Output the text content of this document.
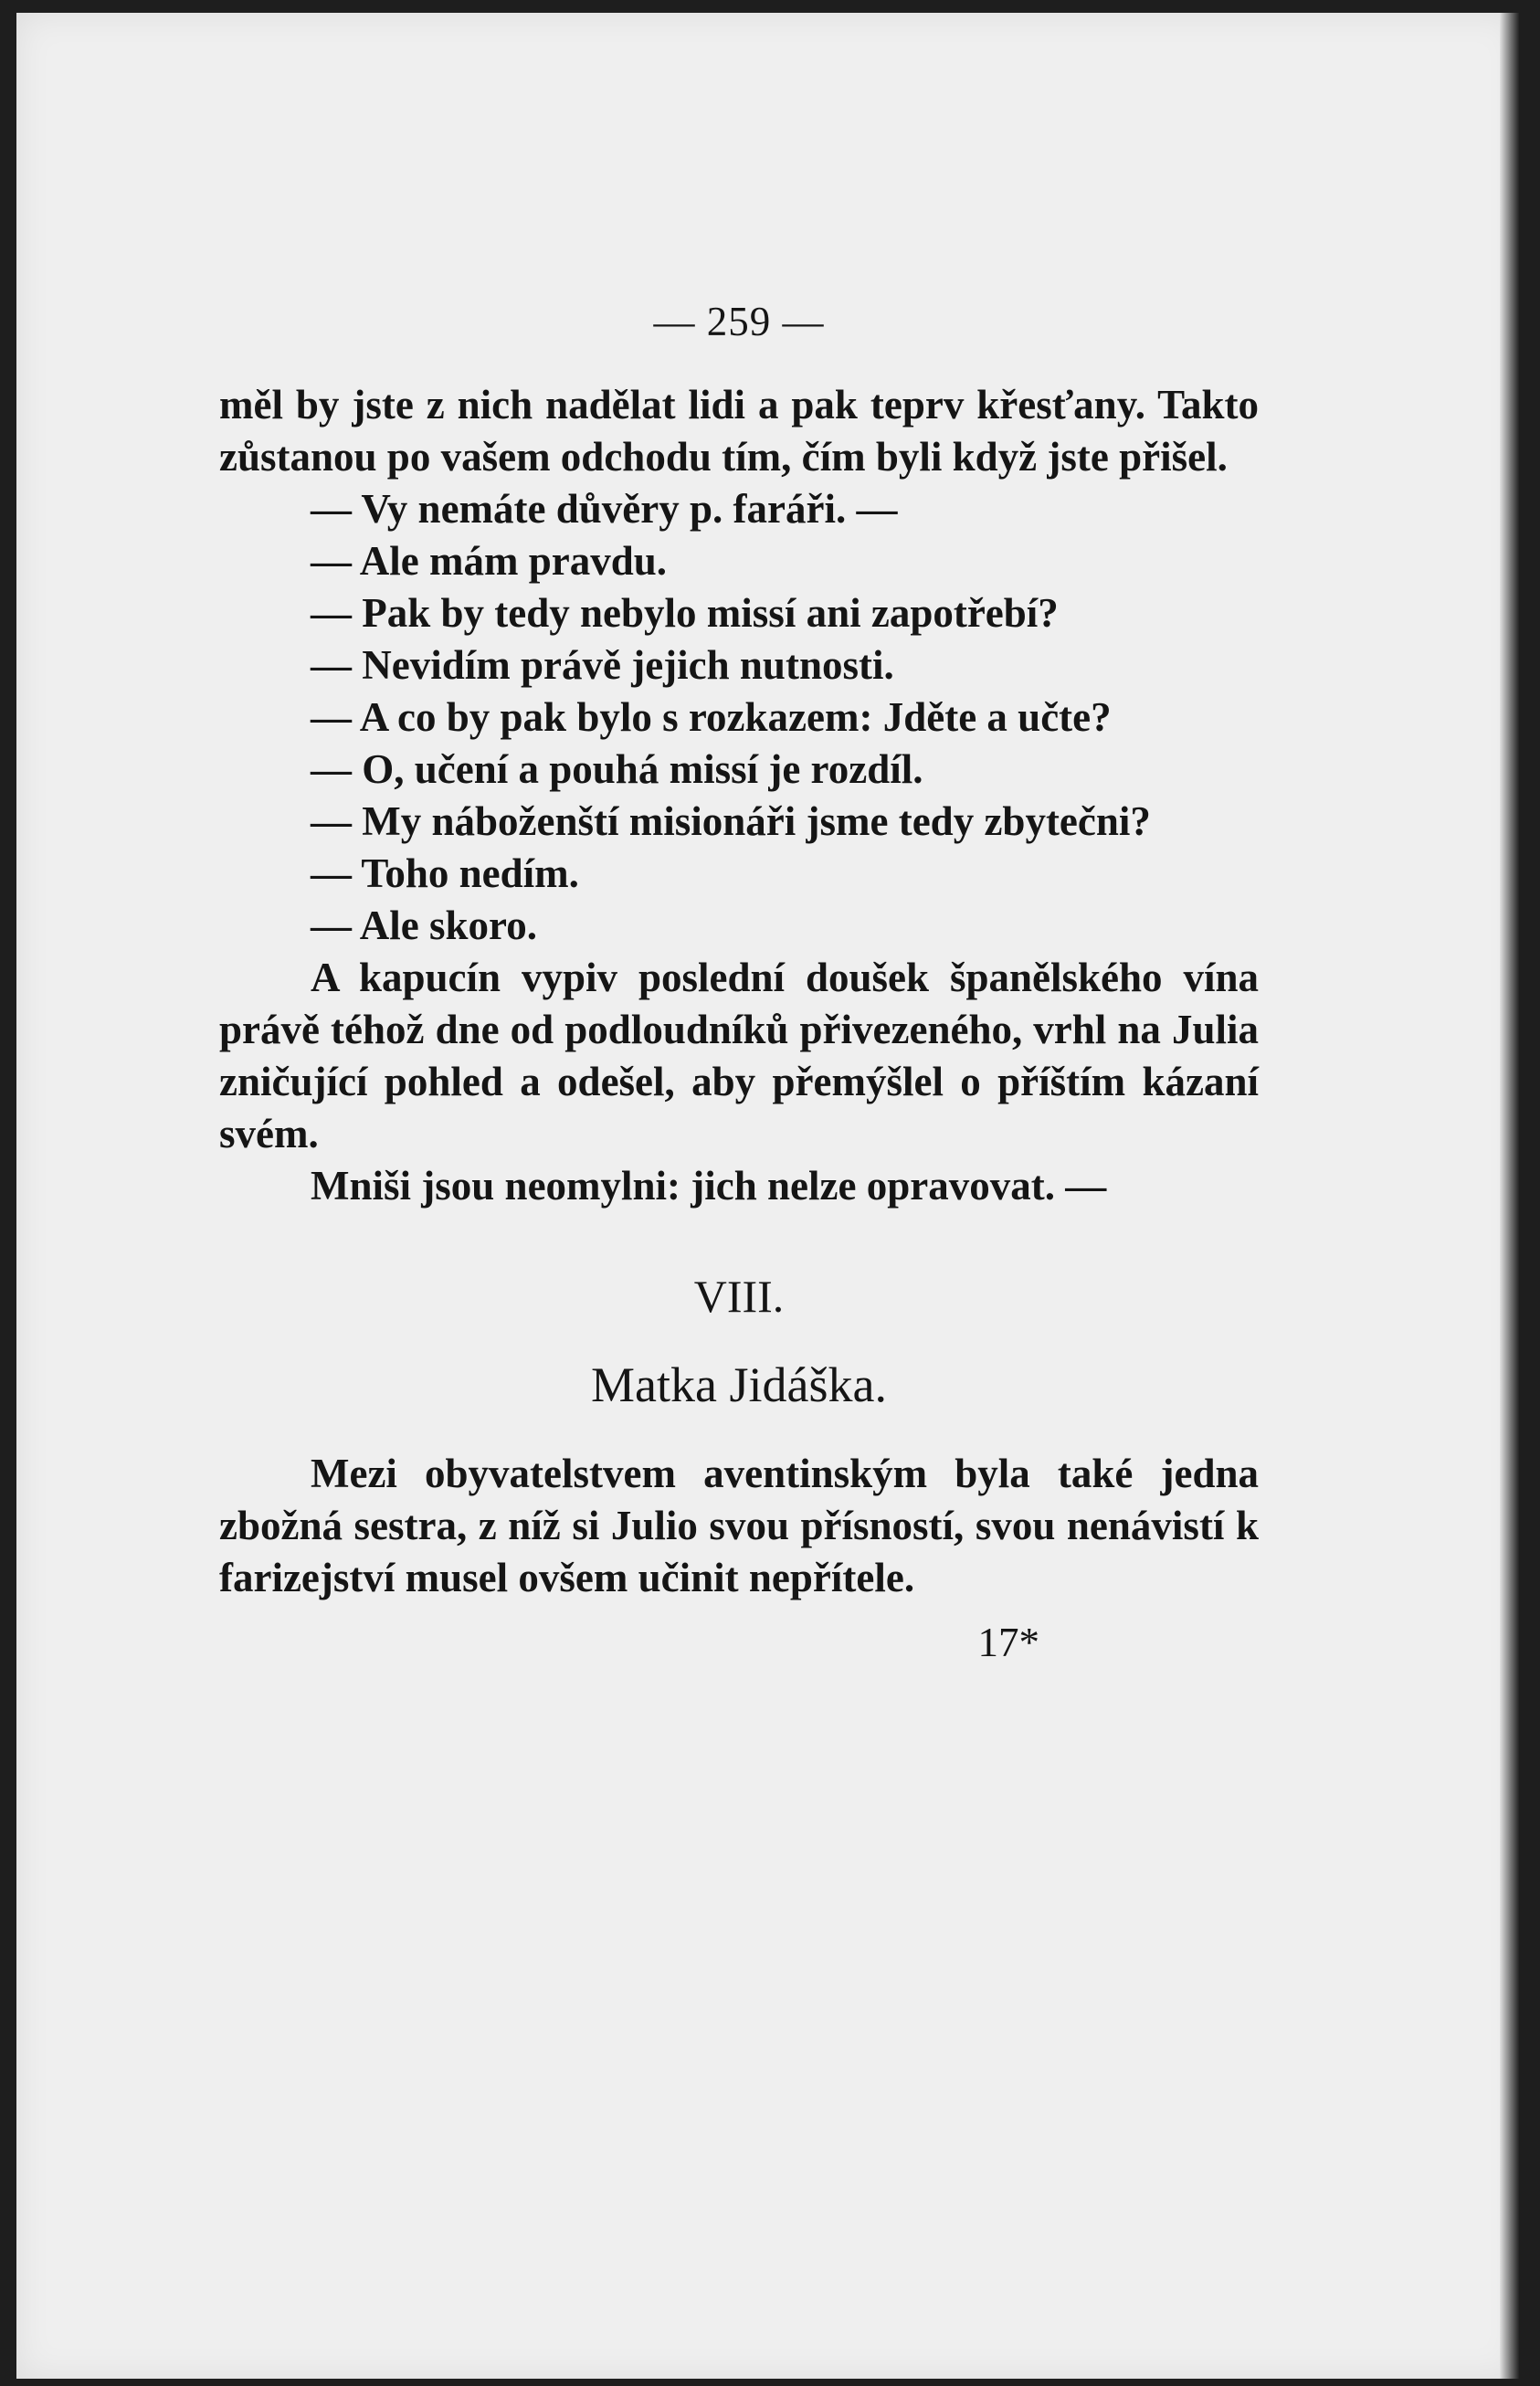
— 259 —

měl by jste z nich nadělat lidi a pak teprv křesťany. Takto zůstanou po vašem odchodu tím, čím byli když jste přišel.

— Vy nemáte důvěry p. faráři. —

— Ale mám pravdu.

— Pak by tedy nebylo missí ani zapotřebí?

— Nevidím právě jejich nutnosti.

— A co by pak bylo s rozkazem: Jděte a učte?

— O, učení a pouhá missí je rozdíl.

— My náboženští misionáři jsme tedy zbytečni?

— Toho nedím.

— Ale skoro.

A kapucín vypiv poslední doušek španělského vína právě téhož dne od podloudníků přivezeného, vrhl na Julia zničující pohled a odešel, aby přemýšlel o příštím kázaní svém.

Mniši jsou neomylni: jich nelze opravovat. —

VIII.
Matka Jidáška.

Mezi obyvatelstvem aventinským byla také jedna zbožná sestra, z níž si Julio svou přísností, svou nenávistí k farizejství musel ovšem učinit nepřítele.

17*
